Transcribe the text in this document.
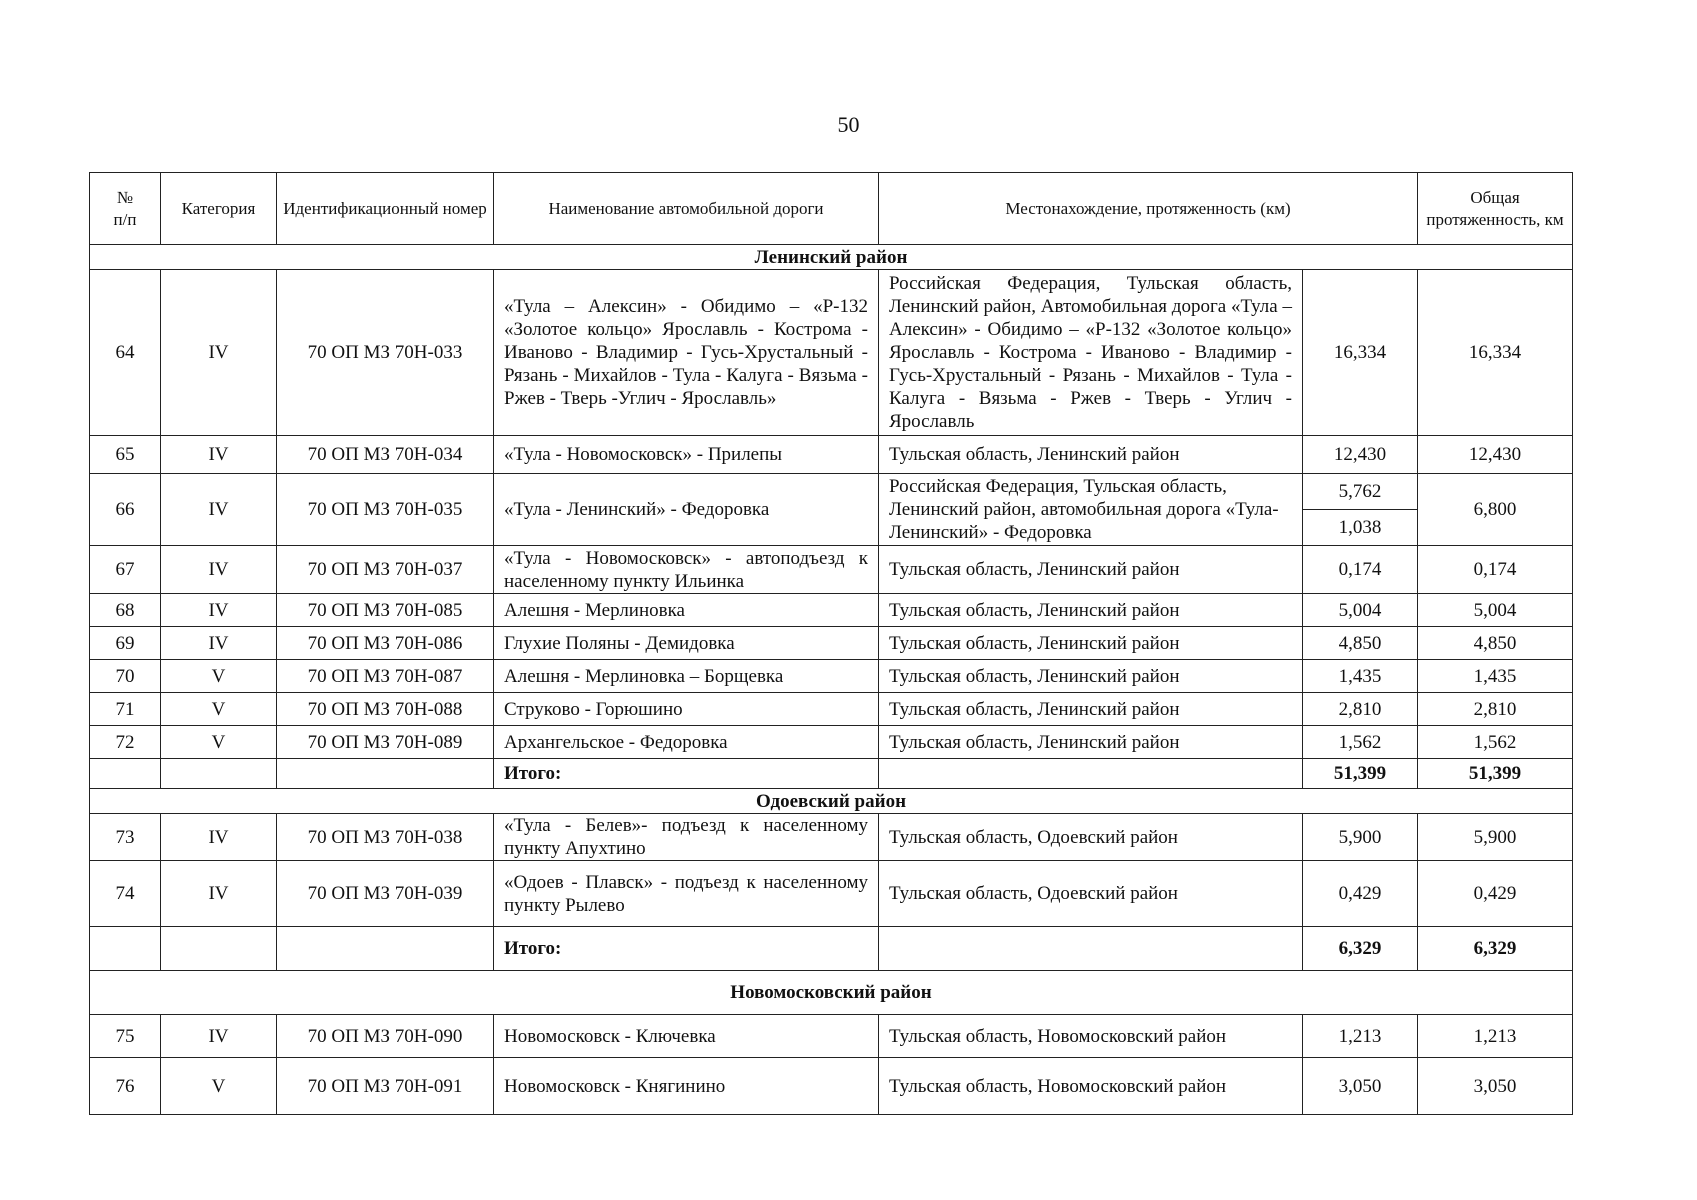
50
№
п/п	Категория	Идентификационный номер	Наименование автомобильной дороги	Местонахождение, протяженность (км)		Общая протяженность, км
Ленинский район						
64	IV	70 ОП МЗ 70Н-033	«Тула – Алексин» - Обидимо – «Р-132 «Золотое кольцо» Ярославль - Кострома - Иваново - Владимир - Гусь-Хрустальный - Рязань - Михайлов - Тула - Калуга - Вязьма - Ржев - Тверь -Углич - Ярославль»	Российская Федерация, Тульская область, Ленинский район, Автомобильная дорога «Тула – Алексин» - Обидимо – «Р-132 «Золотое кольцо» Ярославль - Кострома - Иваново - Владимир - Гусь-Хрустальный - Рязань - Михайлов - Тула - Калуга - Вязьма - Ржев - Тверь - Углич - Ярославль	16,334	16,334
65	IV	70 ОП МЗ 70Н-034	«Тула - Новомосковск» - Прилепы	Тульская область, Ленинский район	12,430	12,430
66	IV	70 ОП МЗ 70Н-035	«Тула - Ленинский» - Федоровка	Российская Федерация, Тульская область, Ленинский район, автомобильная дорога «Тула-Ленинский» - Федоровка	5,762	6,800
					1,038	
67	IV	70 ОП МЗ 70Н-037	«Тула - Новомосковск» - автоподъезд к населенному пункту Ильинка	Тульская область, Ленинский район	0,174	0,174
68	IV	70 ОП МЗ 70Н-085	Алешня - Мерлиновка	Тульская область, Ленинский район	5,004	5,004
69	IV	70 ОП МЗ 70Н-086	Глухие Поляны - Демидовка	Тульская область, Ленинский район	4,850	4,850
70	V	70 ОП МЗ 70Н-087	Алешня - Мерлиновка – Борщевка	Тульская область, Ленинский район	1,435	1,435
71	V	70 ОП МЗ 70Н-088	Струково - Горюшино	Тульская область, Ленинский район	2,810	2,810
72	V	70 ОП МЗ 70Н-089	Архангельское - Федоровка	Тульская область, Ленинский район	1,562	1,562
			Итого:		51,399	51,399
Одоевский район						
73	IV	70 ОП МЗ 70Н-038	«Тула - Белев»- подъезд к населенному пункту Апухтино	Тульская область, Одоевский район	5,900	5,900
74	IV	70 ОП МЗ 70Н-039	«Одоев - Плавск» - подъезд к населенному пункту Рылево	Тульская область, Одоевский район	0,429	0,429
			Итого:		6,329	6,329
Новомосковский район						
75	IV	70 ОП МЗ 70Н-090	Новомосковск - Ключевка	Тульская область, Новомосковский район	1,213	1,213
76	V	70 ОП МЗ 70Н-091	Новомосковск - Княгинино	Тульская область, Новомосковский район	3,050	3,050
